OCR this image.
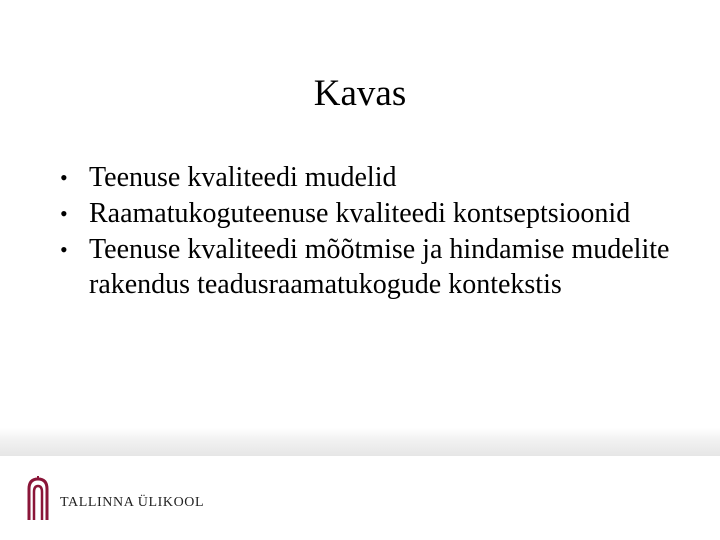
Kavas
• Teenuse kvaliteedi mudelid
• Raamatukoguteenuse kvaliteedi kontseptsioonid
• Teenuse kvaliteedi mõõtmise ja hindamise mudelite rakendus teadusraamatukogude kontekstis
TALLINNA ÜLIKOOL
